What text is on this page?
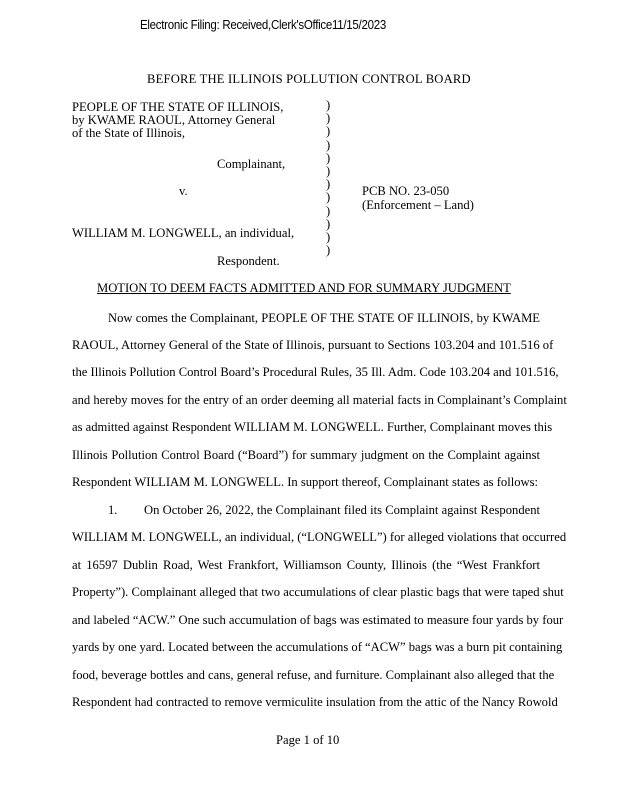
Electronic Filing: Received,Clerk'sOffice11/15/2023
BEFORE THE ILLINOIS POLLUTION CONTROL BOARD
PEOPLE OF THE STATE OF ILLINOIS,
by KWAME RAOUL, Attorney General
of the State of Illinois,
Complainant,
v.
)
)
)
)
)
)
)
)
)
)
)
)
PCB NO. 23-050
(Enforcement – Land)
WILLIAM M. LONGWELL, an individual,
Respondent.
MOTION TO DEEM FACTS ADMITTED AND FOR SUMMARY JUDGMENT
Now comes the Complainant, PEOPLE OF THE STATE OF ILLINOIS, by KWAME
RAOUL, Attorney General of the State of Illinois, pursuant to Sections 103.204 and 101.516 of
the Illinois Pollution Control Board’s Procedural Rules, 35 Ill. Adm. Code 103.204 and 101.516,
and hereby moves for the entry of an order deeming all material facts in Complainant’s Complaint
as admitted against Respondent WILLIAM M. LONGWELL. Further, Complainant moves this
Illinois Pollution Control Board (“Board”) for summary judgment on the Complaint against
Respondent WILLIAM M. LONGWELL. In support thereof, Complainant states as follows:
1. On October 26, 2022, the Complainant filed its Complaint against Respondent
WILLIAM M. LONGWELL, an individual, (“LONGWELL”) for alleged violations that occurred
at 16597 Dublin Road, West Frankfort, Williamson County, Illinois (the “West Frankfort
Property”). Complainant alleged that two accumulations of clear plastic bags that were taped shut
and labeled “ACW.” One such accumulation of bags was estimated to measure four yards by four
yards by one yard. Located between the accumulations of “ACW” bags was a burn pit containing
food, beverage bottles and cans, general refuse, and furniture. Complainant also alleged that the
Respondent had contracted to remove vermiculite insulation from the attic of the Nancy Rowold
Page 1 of 10
